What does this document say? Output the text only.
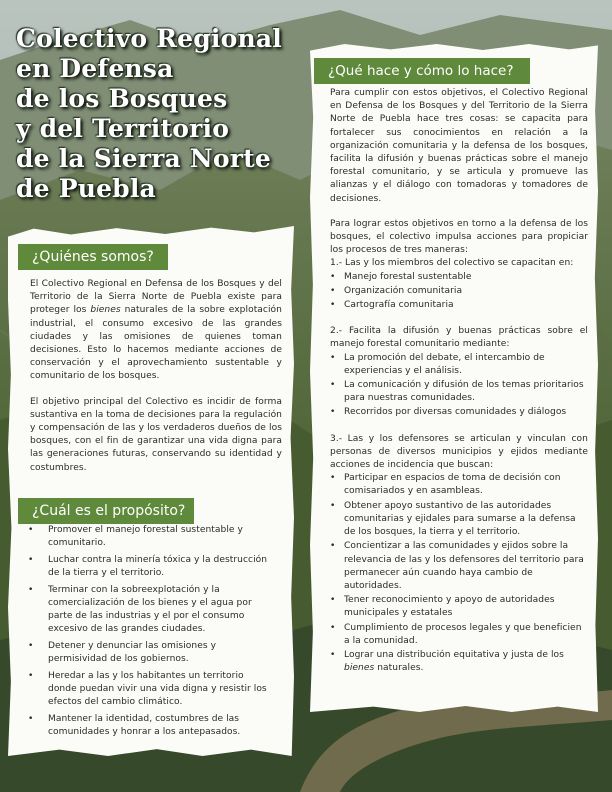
Colectivo Regional
en Defensa
de los Bosques
y del Territorio
de la Sierra Norte
de Puebla
¿Qué hace y cómo lo hace?

Para cumplir con estos objetivos, el Colectivo Regional en Defensa de los Bosques y del Territorio de la Sierra Norte de Puebla hace tres cosas: se capacita para fortalecer sus conocimientos en relación a la organización comunitaria y la defensa de los bosques, facilita la difusión y buenas prácticas sobre el manejo forestal comunitario, y se articula y promueve las alianzas y el diálogo con tomadoras y tomadores de decisiones.

Para lograr estos objetivos en torno a la defensa de los bosques, el colectivo impulsa acciones para propiciar los procesos de tres maneras:

1.- Las y los miembros del colectivo se capacitan en:
• Manejo forestal sustentable
• Organización comunitaria
• Cartografía comunitaria
2.- Facilita la difusión y buenas prácticas sobre el manejo forestal comunitario mediante:
• La promoción del debate, el intercambio de experiencias y el análisis.
• La comunicación y difusión de los temas prioritarios para nuestras comunidades.
• Recorridos por diversas comunidades y diálogos
3.- Las y los defensores se articulan y vinculan con personas de diversos municipios y ejidos mediante acciones de incidencia que buscan:
• Participar en espacios de toma de decisión con comisariados y en asambleas.
• Obtener apoyo sustantivo de las autoridades comunitarias y ejidales para sumarse a la defensa de los bosques, la tierra y el territorio.
• Concientizar a las comunidades y ejidos sobre la relevancia de las y los defensores del territorio para permanecer aún cuando haya cambio de autoridades.
• Tener reconocimiento y apoyo de autoridades municipales y estatales
• Cumplimiento de procesos legales y que beneficien a la comunidad.
• Lograr una distribución equitativa y justa de los bienes naturales.
¿Quiénes somos?

El Colectivo Regional en Defensa de los Bosques y del Territorio de la Sierra Norte de Puebla existe para proteger los bienes naturales de la sobre explotación industrial, el consumo excesivo de las grandes ciudades y las omisiones de quienes toman decisiones. Esto lo hacemos mediante acciones de conservación y el aprovechamiento sustentable y comunitario de los bosques.

El objetivo principal del Colectivo es incidir de forma sustantiva en la toma de decisiones para la regulación y compensación de las y los verdaderos dueños de los bosques, con el fin de garantizar una vida digna para las generaciones futuras, conservando su identidad y costumbres.

¿Cuál es el propósito?
• Promover el manejo forestal sustentable y comunitario.
• Luchar contra la minería tóxica y la destrucción de la tierra y el territorio.
• Terminar con la sobreexplotación y la comercialización de los bienes y el agua por parte de las industrias y el por el consumo excesivo de las grandes ciudades.
• Detener y denunciar las omisiones y permisividad de los gobiernos.
• Heredar a las y los habitantes un territorio donde puedan vivir una vida digna y resistir los efectos del cambio climático.
• Mantener la identidad, costumbres de las comunidades y honrar a los antepasados.
